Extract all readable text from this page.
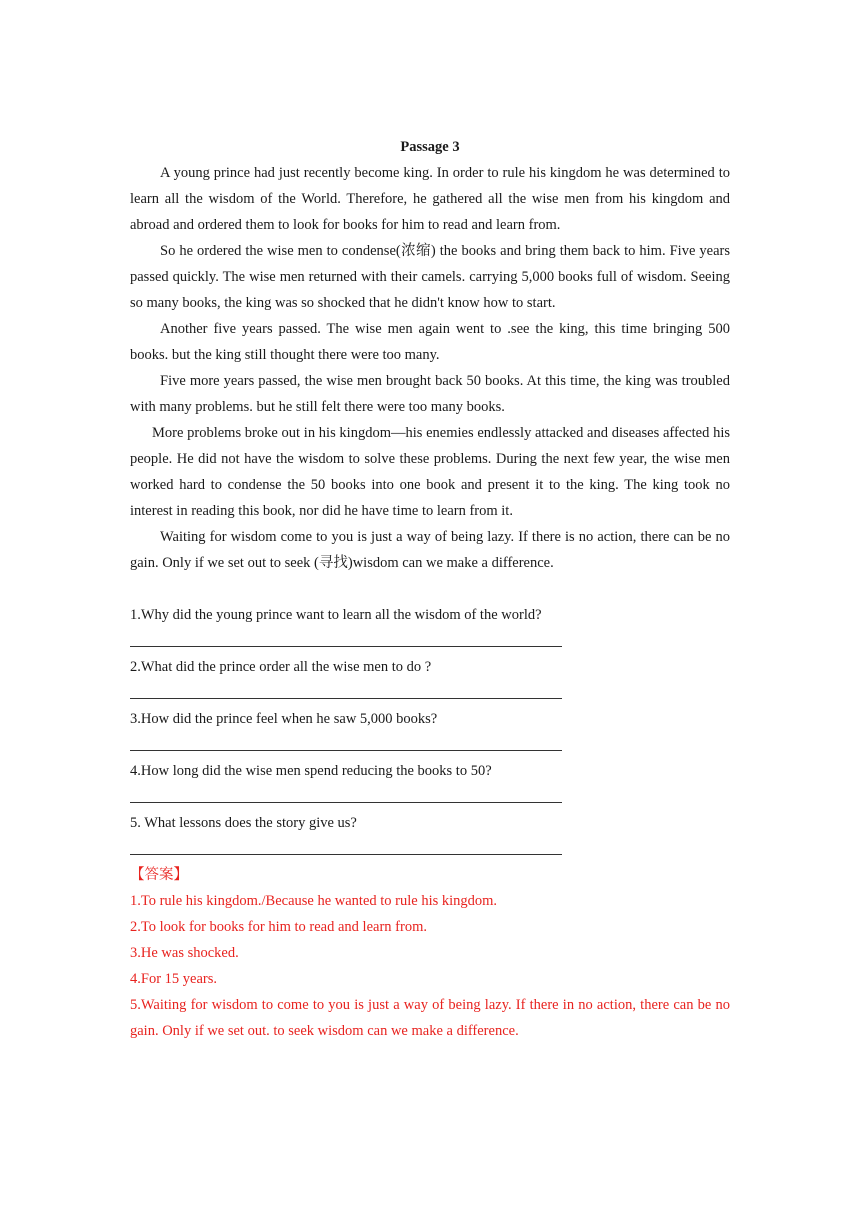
Passage 3

A young prince had just recently become king. In order to rule his kingdom he was determined to learn all the wisdom of the World. Therefore, he gathered all the wise men from his kingdom and abroad and ordered them to look for books for him to read and learn from.

So he ordered the wise men to condense(浓缩) the books and bring them back to him. Five years passed quickly. The wise men returned with their camels. carrying 5,000 books full of wisdom. Seeing so many books, the king was so shocked that he didn't know how to start.

Another five years passed. The wise men again went to .see the king, this time bringing 500 books. but the king still thought there were too many.

Five more years passed, the wise men brought back 50 books. At this time, the king was troubled with many problems. but he still felt there were too many books.

More problems broke out in his kingdom—his enemies endlessly attacked and diseases affected his people. He did not have the wisdom to solve these problems. During the next few year, the wise men worked hard to condense the 50 books into one book and present it to the king. The king took no interest in reading this book, nor did he have time to learn from it.

Waiting for wisdom come to you is just a way of being lazy. If there is no action, there can be no gain. Only if we set out to seek (寻找)wisdom can we make a difference.

1.Why did the young prince want to learn all the wisdom of the world?

2.What did the prince order all the wise men to do ?

3.How did the prince feel when he saw 5,000 books?

4.How long did the wise men spend reducing the books to 50?

5. What lessons does the story give us?

【答案】

1.To rule his kingdom./Because he wanted to rule his kingdom.

2.To look for books for him to read and learn from.

3.He was shocked.

4.For 15 years.

5.Waiting for wisdom to come to you is just a way of being lazy. If there in no action, there can be no gain. Only if we set out. to seek wisdom can we make a difference.
